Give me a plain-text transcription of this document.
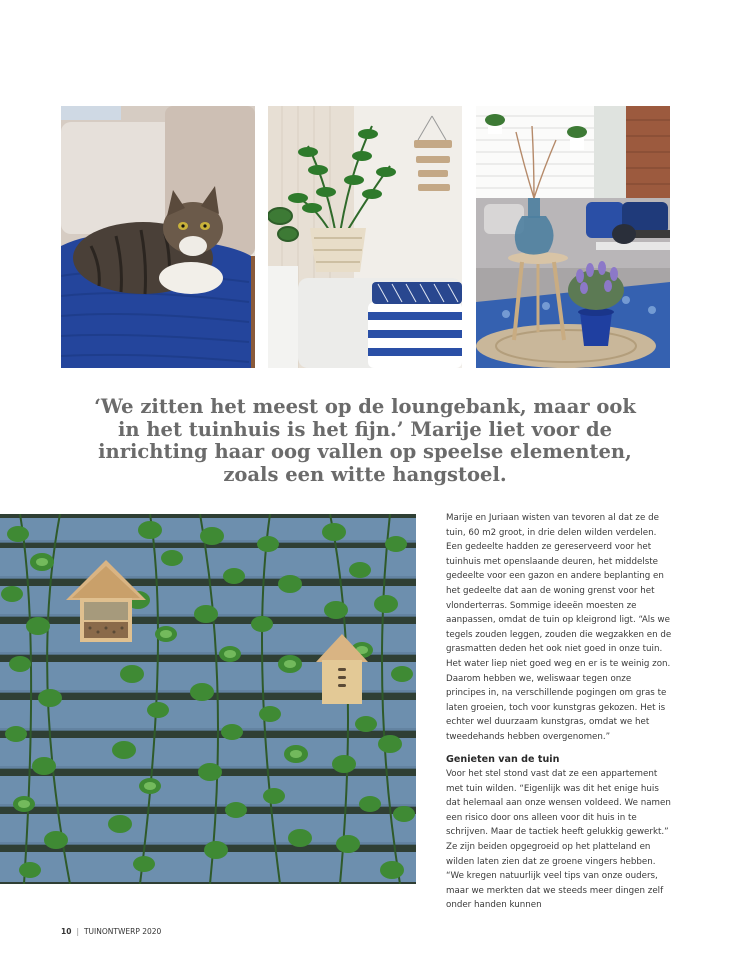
‘We zitten het meest op de loungebank, maar ook in het tuinhuis is het fijn.’ Marije liet voor de inrichting haar oog vallen op speelse elementen, zoals een witte hangstoel.

Marije en Juriaan wisten van tevoren al dat ze de tuin, 60 m2 groot, in drie delen wilden verdelen. Een gedeelte hadden ze gereserveerd voor het tuinhuis met openslaande deuren, het middelste gedeelte voor een gazon en andere beplanting en het gedeelte dat aan de woning grenst voor het vlonderterras. Sommige ideeën moesten ze aanpassen, omdat de tuin op kleigrond ligt. “Als we tegels zouden leggen, zouden die wegzakken en de grasmatten deden het ook niet goed in onze tuin. Het water liep niet goed weg en er is te weinig zon. Daarom hebben we, weliswaar tegen onze principes in, na verschillende pogingen om gras te laten groeien, toch voor kunstgras gekozen. Het is echter wel duurzaam kunstgras, omdat we het tweedehands hebben overgenomen.”

Genieten van de tuin

Voor het stel stond vast dat ze een appartement met tuin wilden. “Eigenlijk was dit het enige huis dat helemaal aan onze wensen voldeed. We namen een risico door ons alleen voor dit huis in te schrijven. Maar de tactiek heeft gelukkig gewerkt.” Ze zijn beiden opgegroeid op het platteland en wilden laten zien dat ze groene vingers hebben. “We kregen natuurlijk veel tips van onze ouders, maar we merkten dat we steeds meer dingen zelf onder handen kunnen

10 | TUINONTWERP 2020
